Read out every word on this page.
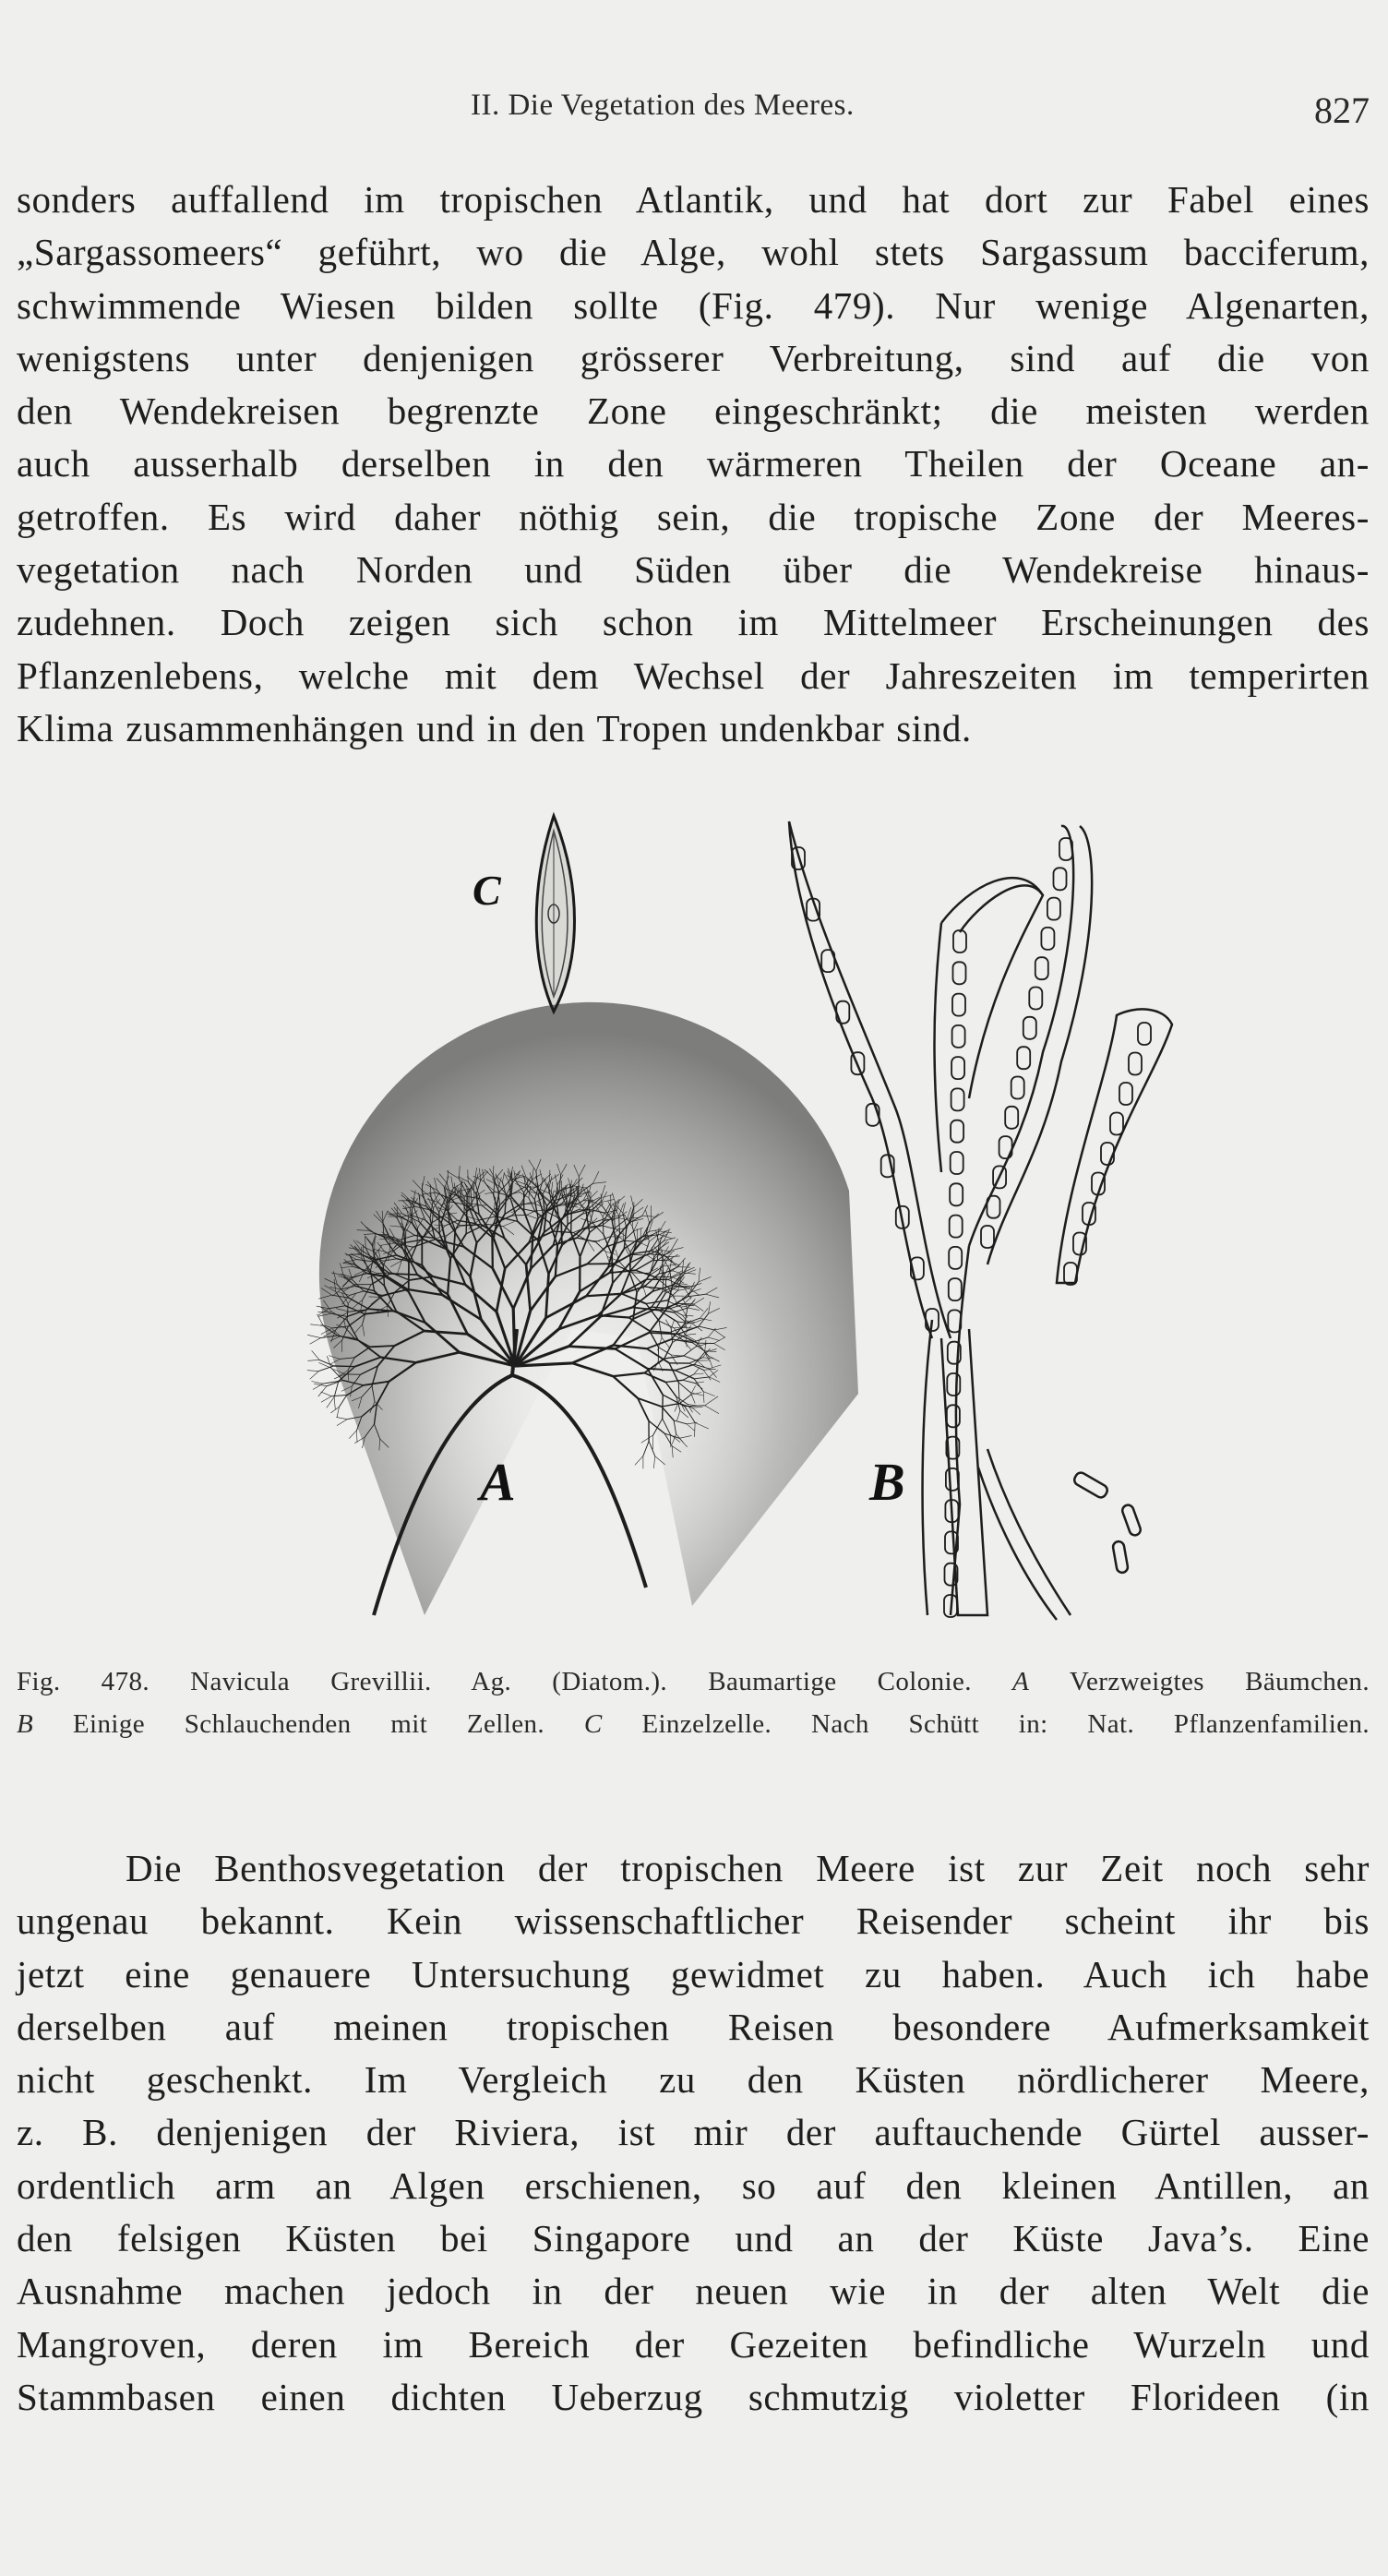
II. Die Vegetation des Meeres.	827
sonders auffallend im tropischen Atlantik, und hat dort zur Fabel eines
„Sargassomeers“ geführt, wo die Alge, wohl stets Sargassum bacciferum,
schwimmende Wiesen bilden sollte (Fig. 479). Nur wenige Algenarten,
wenigstens unter denjenigen grösserer Verbreitung, sind auf die von
den Wendekreisen begrenzte Zone eingeschränkt; die meisten werden
auch ausserhalb derselben in den wärmeren Theilen der Oceane an-
getroffen. Es wird daher nöthig sein, die tropische Zone der Meeres-
vegetation nach Norden und Süden über die Wendekreise hinaus-
zudehnen. Doch zeigen sich schon im Mittelmeer Erscheinungen des
Pflanzenlebens, welche mit dem Wechsel der Jahreszeiten im temperirten
Klima zusammenhängen und in den Tropen undenkbar sind.
C
A	B
Fig. 478. Navicula Grevillii. Ag. (Diatom.). Baumartige Colonie. A Verzweigtes Bäumchen.
B Einige Schlauchenden mit Zellen. C Einzelzelle. Nach Schütt in: Nat. Pflanzenfamilien.
Die Benthosvegetation der tropischen Meere ist zur Zeit noch sehr
ungenau bekannt. Kein wissenschaftlicher Reisender scheint ihr bis
jetzt eine genauere Untersuchung gewidmet zu haben. Auch ich habe
derselben auf meinen tropischen Reisen besondere Aufmerksamkeit
nicht geschenkt. Im Vergleich zu den Küsten nördlicherer Meere,
z. B. denjenigen der Riviera, ist mir der auftauchende Gürtel ausser-
ordentlich arm an Algen erschienen, so auf den kleinen Antillen, an
den felsigen Küsten bei Singapore und an der Küste Java’s. Eine
Ausnahme machen jedoch in der neuen wie in der alten Welt die
Mangroven, deren im Bereich der Gezeiten befindliche Wurzeln und
Stammbasen einen dichten Ueberzug schmutzig violetter Florideen (in
